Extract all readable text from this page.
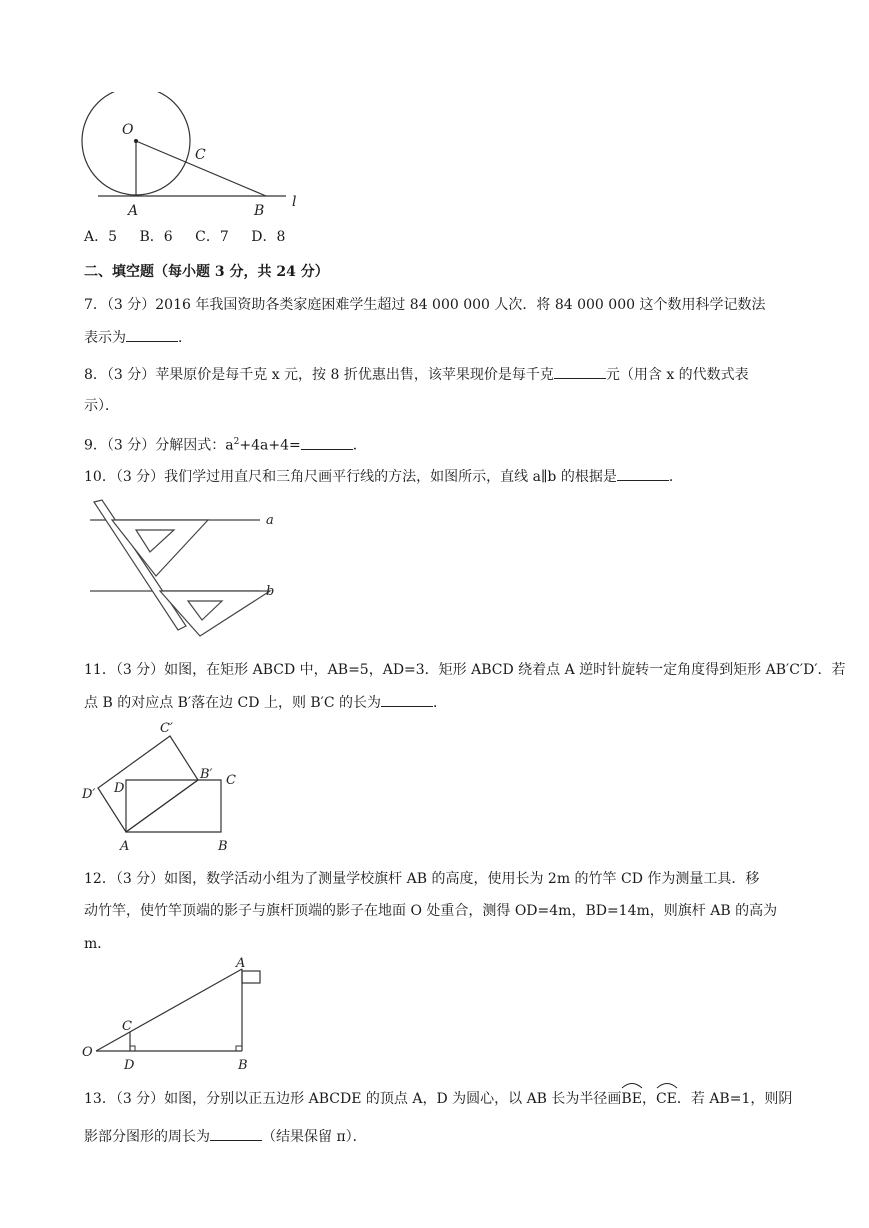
O
C
A	B
l
A．5 B．6 C．7 D．8
二、填空题（每小题 3 分，共 24 分）
7．（3 分）2016 年我国资助各类家庭困难学生超过 84 000 000 人次．将 84 000 000 这个数用科学记数法
表示为	．
8．（3 分）苹果原价是每千克 x 元，按 8 折优惠出售，该苹果现价是每千克	元（用含 x 的代数式表
示）．
9．（3 分）分解因式：$a^2+4a+4=$	．
10．（3 分）我们学过用直尺和三角尺画平行线的方法，如图所示，直线 a∥b 的根据是	．
a
b
11．（3 分）如图，在矩形 ABCD 中，AB=5，AD=3．矩形 ABCD 绕着点 A 逆时针旋转一定角度得到矩形 AB′C′D′．若
点 B 的对应点 B′落在边 CD 上，则 B′C 的长为	．
C′
B′ C
D′ D
A	B
12．（3 分）如图，数学活动小组为了测量学校旗杆 AB 的高度，使用长为 2m 的竹竿 CD 作为测量工具．移
动竹竿，使竹竿顶端的影子与旗杆顶端的影子在地面 O 处重合，测得 OD=4m，BD=14m，则旗杆 AB 的高为
m．
A
C
O
D	B
13．（3 分）如图，分别以正五边形 ABCDE 的顶点 A，D 为圆心，以 AB 长为半径画
BE，
CE．若 AB=1，则阴
影部分图形的周长为	（结果保留 π）．
